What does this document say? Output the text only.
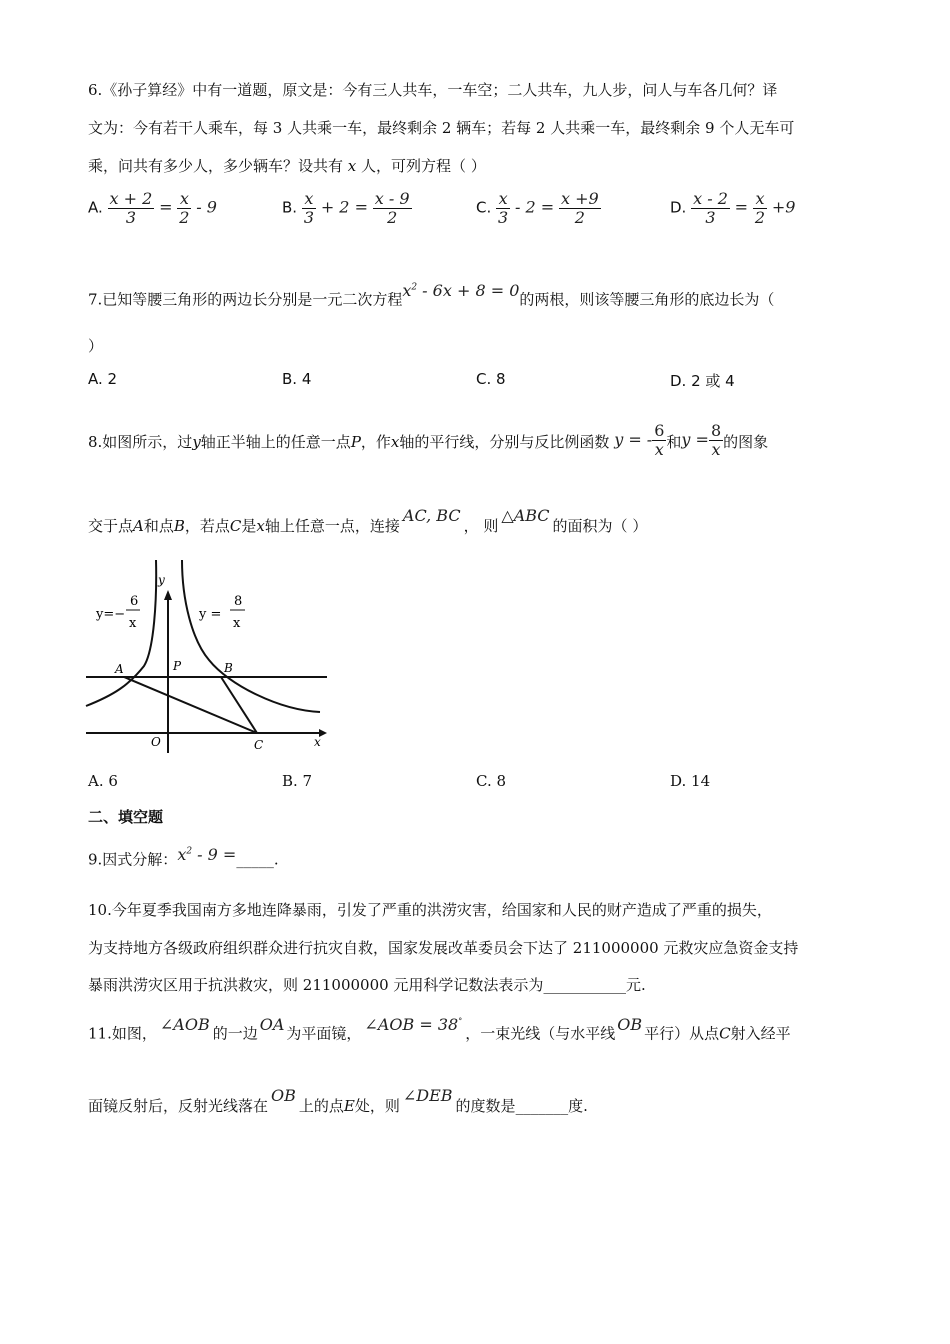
6.《孙子算经》中有一道题，原文是：今有三人共车，一车空；二人共车，九人步，问人与车各几何？译
文为：今有若干人乘车，每 3 人共乘一车，最终剩余 2 辆车；若每 2 人共乘一车，最终剩余 9 个人无车可
乘，问共有多少人，多少辆车？设共有 x 人，可列方程（ ）
A. $\frac{x + 2}{3} = \frac{x}{2} - 9$	B. $\frac{x}{3} + 2 = \frac{x - 9}{2}$	C. $\frac{x}{3} - 2 = \frac{x +9}{2}$	D. $\frac{x - 2}{3} = \frac{x}{2} +9$
7.已知等腰三角形的两边长分别是一元二次方程$x^2 - 6x + 8 = 0$的两根，则该等腰三角形的底边长为（
）
A. 2	B. 4	C. 8	D. 2 或 4
8.如图所示，过y轴正半轴上的任意一点P，作x轴的平行线，分别与反比例函数 y = - $\frac{6}{x}$ 和$y = \frac{8}{x}$ 的图象
交于点A和点B，若点C是x轴上任意一点，连接AC, BC， 则△ABC的面积为（ ）
y
x
O
A	P	B
C
y=−
6
x
y =
8
x
A. 6	B. 7	C. 8	D. 14
二、填空题
9.因式分解：$x^2 - 9$ =_____.
10.今年夏季我国南方多地连降暴雨，引发了严重的洪涝灾害，给国家和人民的财产造成了严重的损失，
为支持地方各级政府组织群众进行抗灾自救，国家发展改革委员会下达了 211000000 元救灾应急资金支持
暴雨洪涝灾区用于抗洪救灾，则 211000000 元用科学记数法表示为___________元.
11.如图， ∠AOB 的一边 OA 为平面镜， ∠AOB = 38°，一束光线（与水平线 OB 平行）从点C射入经平
面镜反射后，反射光线落在OB上的点E处，则∠DEB的度数是_______度.
